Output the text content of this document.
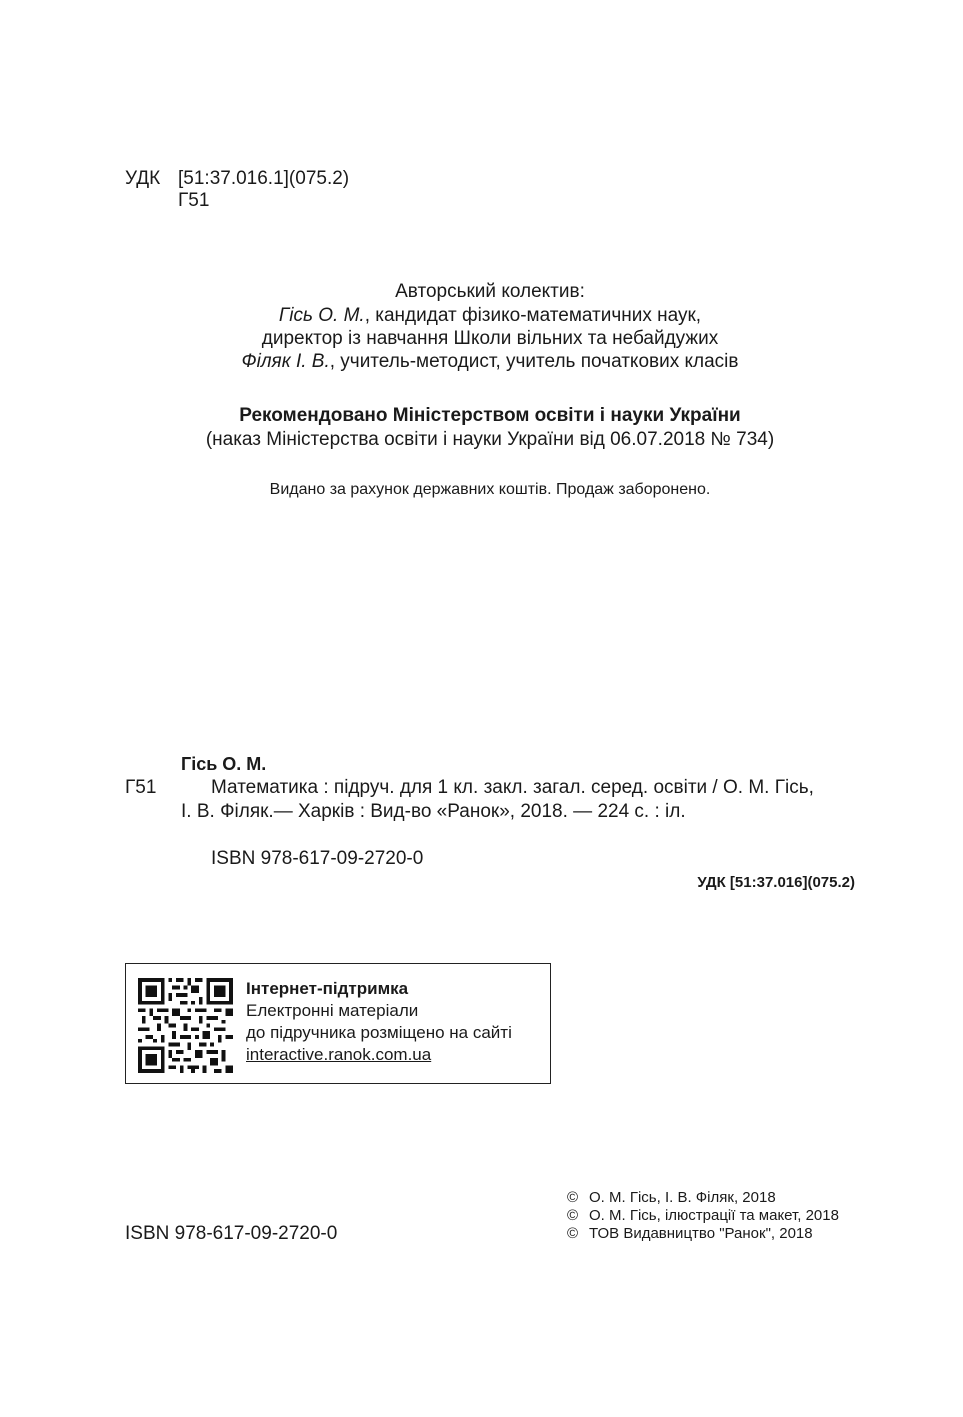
УДК [51:37.016.1](075.2)
Г51
Авторський колектив:
Гісь О. М., кандидат фізико-математичних наук,
директор із навчання Школи вільних та небайдужих
Філяк І. В., учитель-методист, учитель початкових класів
Рекомендовано Міністерством освіти і науки України
(наказ Міністерства освіти і науки України від 06.07.2018 № 734)
Видано за рахунок державних коштів. Продаж заборонено.
Гісь О. М.
Г51	Математика : підруч. для 1 кл. закл. загал. серед. освіти / О. М. Гісь,
І. В. Філяк.— Харків : Вид-во «Ранок», 2018. — 224 с. : іл.
ISBN 978-617-09-2720-0
УДК [51:37.016](075.2)
Інтернет-підтримка
Електронні матеріали
до підручника розміщено на сайті
interactive.ranok.com.ua
ISBN 978-617-09-2720-0
© О. М. Гісь, І. В. Філяк, 2018
© О. М. Гісь, ілюстрації та макет, 2018
© ТОВ Видавництво "Ранок", 2018
